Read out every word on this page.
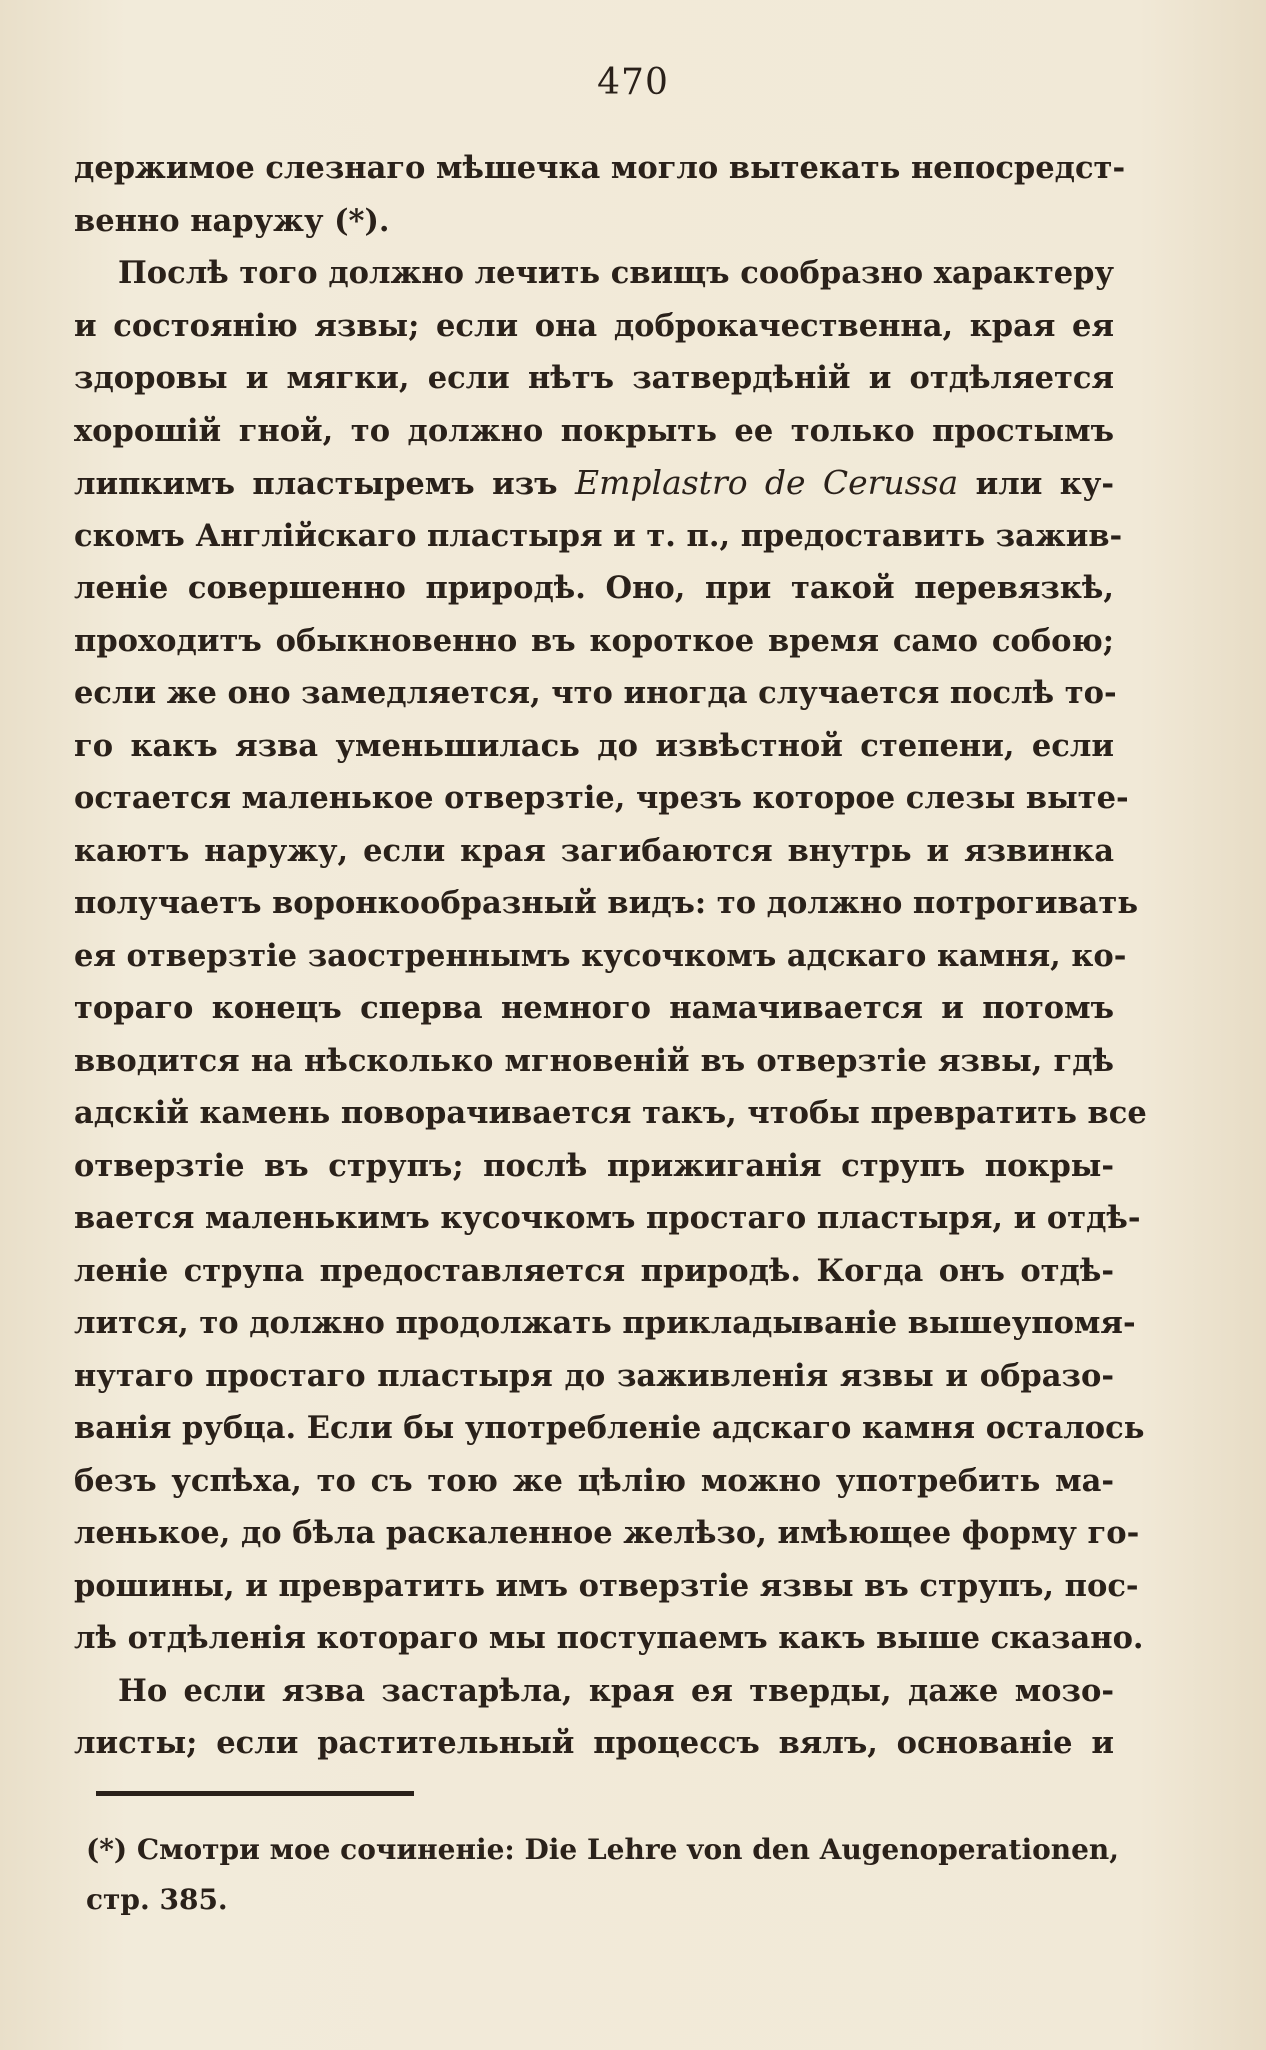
470
держимое слезнаго мѣшечка могло вытекать непосредст-
венно наружу (*).
Послѣ того должно лечить свищъ сообразно характеру
и состоянію язвы; если она доброкачественна, края ея
здоровы и мягки, если нѣтъ затвердѣній и отдѣляется
хорошій гной, то должно покрыть ее только простымъ
липкимъ пластыремъ изъ Emplastro de Cerussa или ку-
скомъ Англійскаго пластыря и т. п., предоставить зажив-
леніе совершенно природѣ. Оно, при такой перевязкѣ,
проходитъ обыкновенно въ короткое время само собою;
если же оно замедляется, что иногда случается послѣ то-
го какъ язва уменьшилась до извѣстной степени, если
остается маленькое отверзтіе, чрезъ которое слезы выте-
каютъ наружу, если края загибаются внутрь и язвинка
получаетъ воронкообразный видъ: то должно потрогивать
ея отверзтіе заостреннымъ кусочкомъ адскаго камня, ко-
тораго конецъ сперва немного намачивается и потомъ
вводится на нѣсколько мгновеній въ отверзтіе язвы, гдѣ
адскій камень поворачивается такъ, чтобы превратить все
отверзтіе въ струпъ; послѣ прижиганія струпъ покры-
вается маленькимъ кусочкомъ простаго пластыря, и отдѣ-
леніе струпа предоставляется природѣ. Когда онъ отдѣ-
лится, то должно продолжать прикладываніе вышеупомя-
нутаго простаго пластыря до заживленія язвы и образо-
ванія рубца. Если бы употребленіе адскаго камня осталось
безъ успѣха, то съ тою же цѣлію можно употребить ма-
ленькое, до бѣла раскаленное желѣзо, имѣющее форму го-
рошины, и превратить имъ отверзтіе язвы въ струпъ, пос-
лѣ отдѣленія котораго мы поступаемъ какъ выше сказано.
Но если язва застарѣла, края ея тверды, даже мозо-
листы; если растительный процессъ вялъ, основаніе и
(*) Смотри мое сочиненіе: Die Lehre von den Augenoperationen,
стр. 385.
